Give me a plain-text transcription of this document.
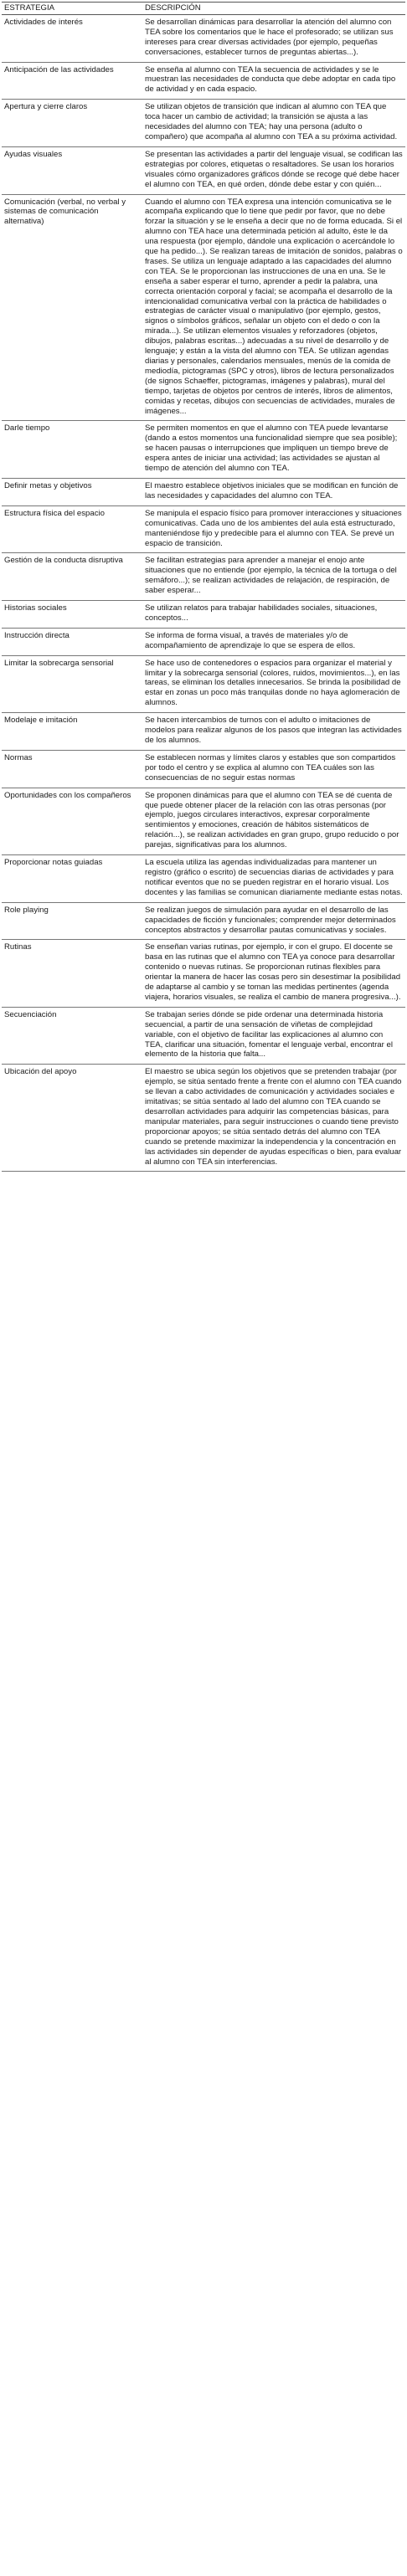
ESTRATEGIA	DESCRIPCIÓN
Actividades de interés	Se desarrollan dinámicas para desarrollar la atención del alumno con TEA sobre los comentarios que le hace el profesorado; se utilizan sus intereses para crear diversas actividades (por ejemplo, pequeñas conversaciones, establecer turnos de preguntas abiertas...).
Anticipación de las actividades	Se enseña al alumno con TEA la secuencia de actividades y se le muestran las necesidades de conducta que debe adoptar en cada tipo de actividad y en cada espacio.
Apertura y cierre claros	Se utilizan objetos de transición que indican al alumno con TEA que toca hacer un cambio de actividad; la transición se ajusta a las necesidades del alumno con TEA; hay una persona (adulto o compañero) que acompaña al alumno con TEA a su próxima actividad.
Ayudas visuales	Se presentan las actividades a partir del lenguaje visual, se codifican las estrategias por colores, etiquetas o resaltadores. Se usan los horarios visuales cómo organizadores gráficos dónde se recoge qué debe hacer el alumno con TEA, en qué orden, dónde debe estar y con quién...
Comunicación (verbal, no verbal y sistemas de comunicación alternativa)	Cuando el alumno con TEA expresa una intención comunicativa se le acompaña explicando que lo tiene que pedir por favor, que no debe forzar la situación y se le enseña a decir que no de forma educada. Si el alumno con TEA hace una determinada petición al adulto, éste le da una respuesta (por ejemplo, dándole una explicación o acercándole lo que ha pedido...). Se realizan tareas de imitación de sonidos, palabras o frases. Se utiliza un lenguaje adaptado a las capacidades del alumno con TEA. Se le proporcionan las instrucciones de una en una. Se le enseña a saber esperar el turno, aprender a pedir la palabra, una correcta orientación corporal y facial; se acompaña el desarrollo de la intencionalidad comunicativa verbal con la práctica de habilidades o estrategias de carácter visual o manipulativo (por ejemplo, gestos, signos o símbolos gráficos, señalar un objeto con el dedo o con la mirada...). Se utilizan elementos visuales y reforzadores (objetos, dibujos, palabras escritas...) adecuadas a su nivel de desarrollo y de lenguaje; y están a la vista del alumno con TEA. Se utilizan agendas diarias y personales, calendarios mensuales, menús de la comida de mediodía, pictogramas (SPC y otros), libros de lectura personalizados (de signos Schaeffer, pictogramas, imágenes y palabras), mural del tiempo, tarjetas de objetos por centros de interés, libros de alimentos, comidas y recetas, dibujos con secuencias de actividades, murales de imágenes...
Darle tiempo	Se permiten momentos en que el alumno con TEA puede levantarse (dando a estos momentos una funcionalidad siempre que sea posible); se hacen pausas o interrupciones que impliquen un tiempo breve de espera antes de iniciar una actividad; las actividades se ajustan al tiempo de atención del alumno con TEA.
Definir metas y objetivos	El maestro establece objetivos iniciales que se modifican en función de las necesidades y capacidades del alumno con TEA.
Estructura física del espacio	Se manipula el espacio físico para promover interacciones y situaciones comunicativas. Cada uno de los ambientes del aula está estructurado, manteniéndose fijo y predecible para el alumno con TEA. Se prevé un espacio de transición.
Gestión de la conducta disruptiva	Se facilitan estrategias para aprender a manejar el enojo ante situaciones que no entiende (por ejemplo, la técnica de la tortuga o del semáforo...); se realizan actividades de relajación, de respiración, de saber esperar...
Historias sociales	Se utilizan relatos para trabajar habilidades sociales, situaciones, conceptos...
Instrucción directa	Se informa de forma visual, a través de materiales y/o de acompañamiento de aprendizaje lo que se espera de ellos.
Limitar la sobrecarga sensorial	Se hace uso de contenedores o espacios para organizar el material y limitar y la sobrecarga sensorial (colores, ruidos, movimientos...), en las tareas, se eliminan los detalles innecesarios. Se brinda la posibilidad de estar en zonas un poco más tranquilas donde no haya aglomeración de alumnos.
Modelaje e imitación	Se hacen intercambios de turnos con el adulto o imitaciones de modelos para realizar algunos de los pasos que integran las actividades de los alumnos.
Normas	Se establecen normas y límites claros y estables que son compartidos por todo el centro y se explica al alumno con TEA cuáles son las consecuencias de no seguir estas normas
Oportunidades con los compañeros	Se proponen dinámicas para que el alumno con TEA se dé cuenta de que puede obtener placer de la relación con las otras personas (por ejemplo, juegos circulares interactivos, expresar corporalmente sentimientos y emociones, creación de hábitos sistemáticos de relación...), se realizan actividades en gran grupo, grupo reducido o por parejas, significativas para los alumnos.
Proporcionar notas guiadas	La escuela utiliza las agendas individualizadas para mantener un registro (gráfico o escrito) de secuencias diarias de actividades y para notificar eventos que no se pueden registrar en el horario visual. Los docentes y las familias se comunican diariamente mediante estas notas.
Role playing	Se realizan juegos de simulación para ayudar en el desarrollo de las capacidades de ficción y funcionales; comprender mejor determinados conceptos abstractos y desarrollar pautas comunicativas y sociales.
Rutinas	Se enseñan varias rutinas, por ejemplo, ir con el grupo. El docente se basa en las rutinas que el alumno con TEA ya conoce para desarrollar contenido o nuevas rutinas. Se proporcionan rutinas flexibles para orientar la manera de hacer las cosas pero sin desestimar la posibilidad de adaptarse al cambio y se toman las medidas pertinentes (agenda viajera, horarios visuales, se realiza el cambio de manera progresiva...).
Secuenciación	Se trabajan series dónde se pide ordenar una determinada historia secuencial, a partir de una sensación de viñetas de complejidad variable, con el objetivo de facilitar las explicaciones al alumno con TEA, clarificar una situación, fomentar el lenguaje verbal, encontrar el elemento de la historia que falta...
Ubicación del apoyo	El maestro se ubica según los objetivos que se pretenden trabajar (por ejemplo, se sitúa sentado frente a frente con el alumno con TEA cuando se llevan a cabo actividades de comunicación y actividades sociales e imitativas; se sitúa sentado al lado del alumno con TEA cuando se desarrollan actividades para adquirir las competencias básicas, para manipular materiales, para seguir instrucciones o cuando tiene previsto proporcionar apoyos; se sitúa sentado detrás del alumno con TEA cuando se pretende maximizar la independencia y la concentración en las actividades sin depender de ayudas específicas o bien, para evaluar al alumno con TEA sin interferencias.
